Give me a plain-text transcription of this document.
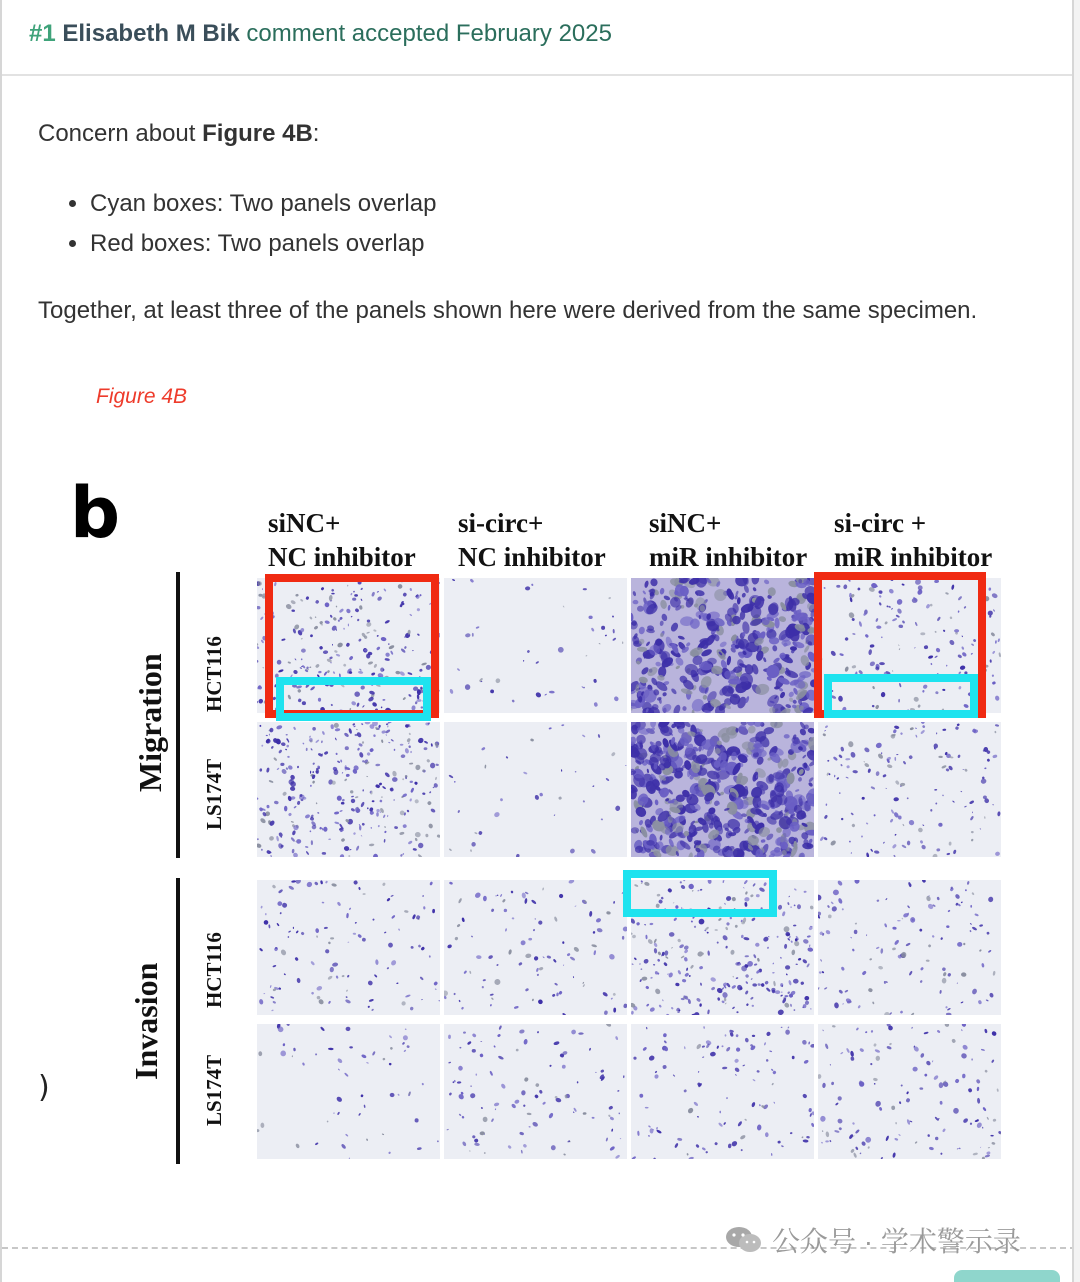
#1 Elisabeth M Bik comment accepted February 2025
Concern about Figure 4B:
• Cyan boxes: Two panels overlap
• Red boxes: Two panels overlap
Together, at least three of the panels shown here were derived from the same specimen.
Figure 4B
b	siNC+
NC inhibitor
si-circ+
NC inhibitor
siNC+
miR inhibitor
si-circ +
miR inhibitor
Migration
Invasion
HCT116
LS174T
HCT116
LS174T
)
公众号 · 学术警示录
